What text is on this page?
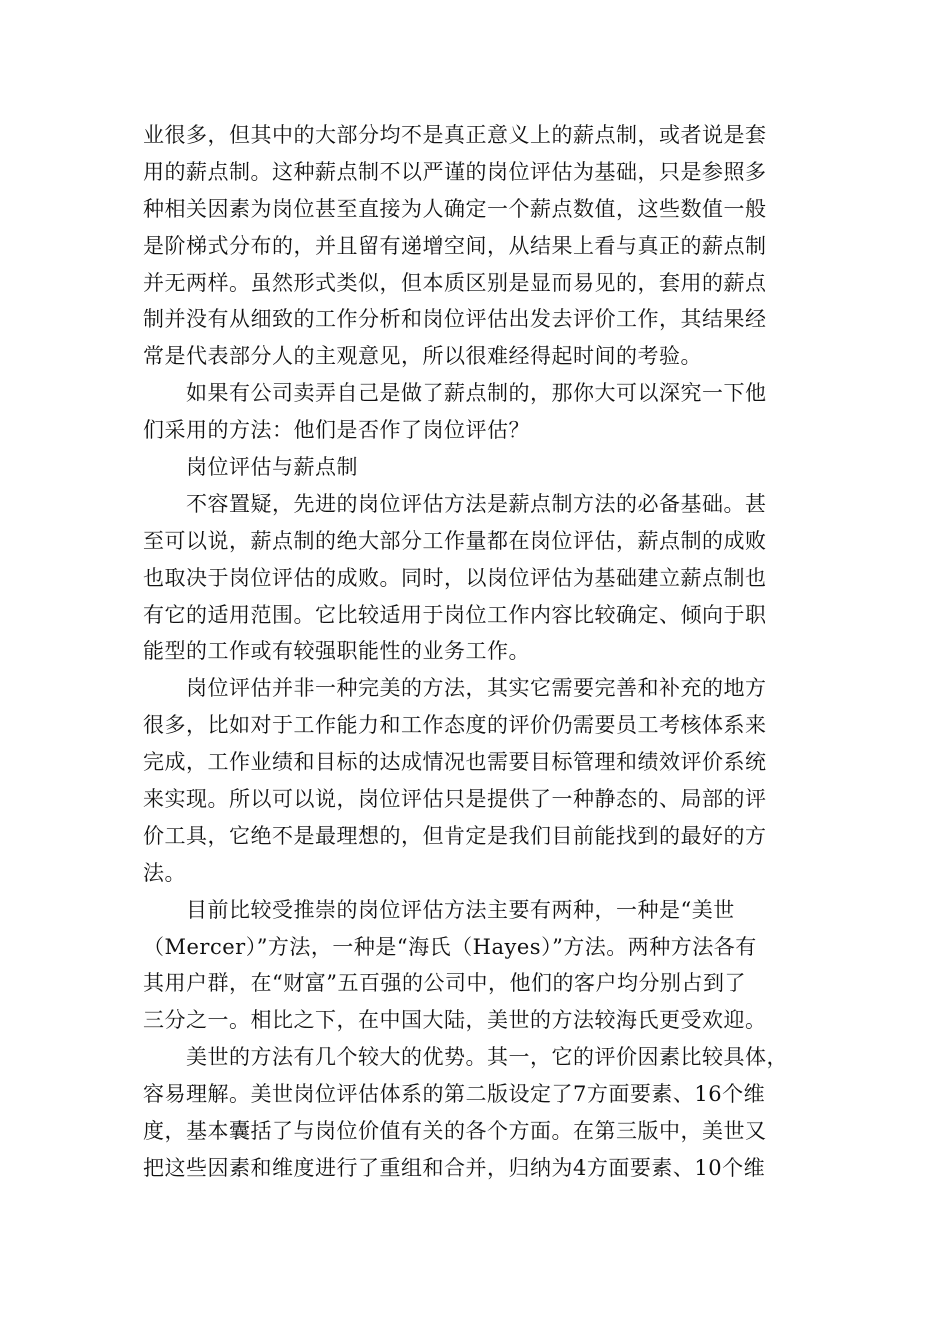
业很多，但其中的大部分均不是真正意义上的薪点制，或者说是套
用的薪点制。这种薪点制不以严谨的岗位评估为基础，只是参照多
种相关因素为岗位甚至直接为人确定一个薪点数值，这些数值一般
是阶梯式分布的，并且留有递增空间，从结果上看与真正的薪点制
并无两样。虽然形式类似，但本质区别是显而易见的，套用的薪点
制并没有从细致的工作分析和岗位评估出发去评价工作，其结果经
常是代表部分人的主观意见，所以很难经得起时间的考验。
如果有公司卖弄自己是做了薪点制的，那你大可以深究一下他
们采用的方法：他们是否作了岗位评估？
岗位评估与薪点制
不容置疑，先进的岗位评估方法是薪点制方法的必备基础。甚
至可以说，薪点制的绝大部分工作量都在岗位评估，薪点制的成败
也取决于岗位评估的成败。同时，以岗位评估为基础建立薪点制也
有它的适用范围。它比较适用于岗位工作内容比较确定、倾向于职
能型的工作或有较强职能性的业务工作。
岗位评估并非一种完美的方法，其实它需要完善和补充的地方
很多，比如对于工作能力和工作态度的评价仍需要员工考核体系来
完成，工作业绩和目标的达成情况也需要目标管理和绩效评价系统
来实现。所以可以说，岗位评估只是提供了一种静态的、局部的评
价工具，它绝不是最理想的，但肯定是我们目前能找到的最好的方
法。
目前比较受推崇的岗位评估方法主要有两种，一种是“美世
（Mercer）”方法，一种是“海氏（Hayes）”方法。两种方法各有
其用户群，在“财富”五百强的公司中，他们的客户均分别占到了
三分之一。相比之下，在中国大陆，美世的方法较海氏更受欢迎。
美世的方法有几个较大的优势。其一，它的评价因素比较具体，
容易理解。美世岗位评估体系的第二版设定了7方面要素、16个维
度，基本囊括了与岗位价值有关的各个方面。在第三版中，美世又
把这些因素和维度进行了重组和合并，归纳为4方面要素、10个维
